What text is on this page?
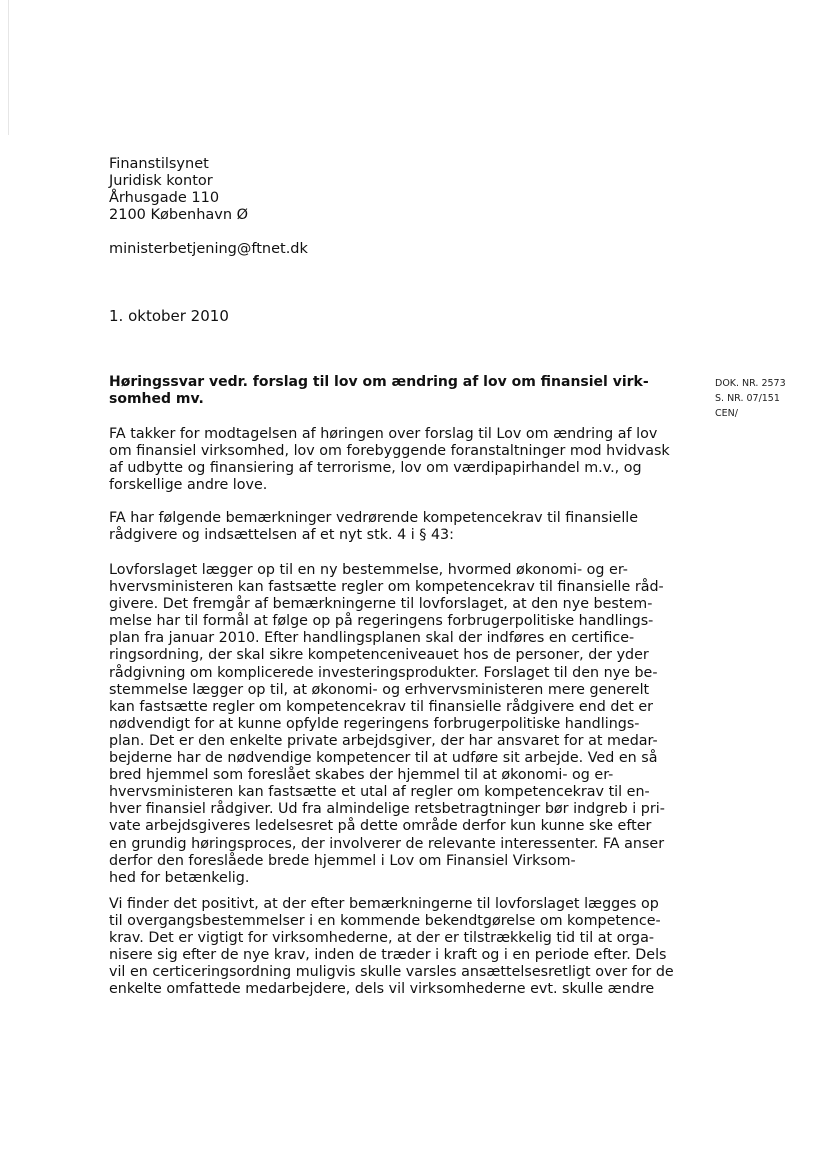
Finanstilsynet
Juridisk kontor
Århusgade 110
2100 København Ø
ministerbetjening@ftnet.dk
1. oktober 2010
Høringssvar vedr. forslag til lov om ændring af lov om finansiel virk-
somhed mv.
DOK. NR. 2573
S. NR. 07/151
CEN/
FA takker for modtagelsen af høringen over forslag til Lov om ændring af lov
om finansiel virksomhed, lov om forebyggende foranstaltninger mod hvidvask
af udbytte og finansiering af terrorisme, lov om værdipapirhandel m.v., og
forskellige andre love.
FA har følgende bemærkninger vedrørende kompetencekrav til finansielle
rådgivere og indsættelsen af et nyt stk. 4 i § 43:
Lovforslaget lægger op til en ny bestemmelse, hvormed økonomi- og er-
hvervsministeren kan fastsætte regler om kompetencekrav til finansielle råd-
givere. Det fremgår af bemærkningerne til lovforslaget, at den nye bestem-
melse har til formål at følge op på regeringens forbrugerpolitiske handlings-
plan fra januar 2010. Efter handlingsplanen skal der indføres en certifice-
ringsordning, der skal sikre kompetenceniveauet hos de personer, der yder
rådgivning om komplicerede investeringsprodukter. Forslaget til den nye be-
stemmelse lægger op til, at økonomi- og erhvervsministeren mere generelt
kan fastsætte regler om kompetencekrav til finansielle rådgivere end det er
nødvendigt for at kunne opfylde regeringens forbrugerpolitiske handlings-
plan. Det er den enkelte private arbejdsgiver, der har ansvaret for at medar-
bejderne har de nødvendige kompetencer til at udføre sit arbejde. Ved en så
bred hjemmel som foreslået skabes der hjemmel til at økonomi- og er-
hvervsministeren kan fastsætte et utal af regler om kompetencekrav til en-
hver finansiel rådgiver. Ud fra almindelige retsbetragtninger bør indgreb i pri-
vate arbejdsgiveres ledelsesret på dette område derfor kun kunne ske efter
en grundig høringsproces, der involverer de relevante interessenter. FA anser
derfor den foreslåede brede hjemmel i Lov om Finansiel Virksom-
hed for betænkelig.
Vi finder det positivt, at der efter bemærkningerne til lovforslaget lægges op
til overgangsbestemmelser i en kommende bekendtgørelse om kompetence-
krav. Det er vigtigt for virksomhederne, at der er tilstrækkelig tid til at orga-
nisere sig efter de nye krav, inden de træder i kraft og i en periode efter. Dels
vil en certiceringsordning muligvis skulle varsles ansættelsesretligt over for de
enkelte omfattede medarbejdere, dels vil virksomhederne evt. skulle ændre
